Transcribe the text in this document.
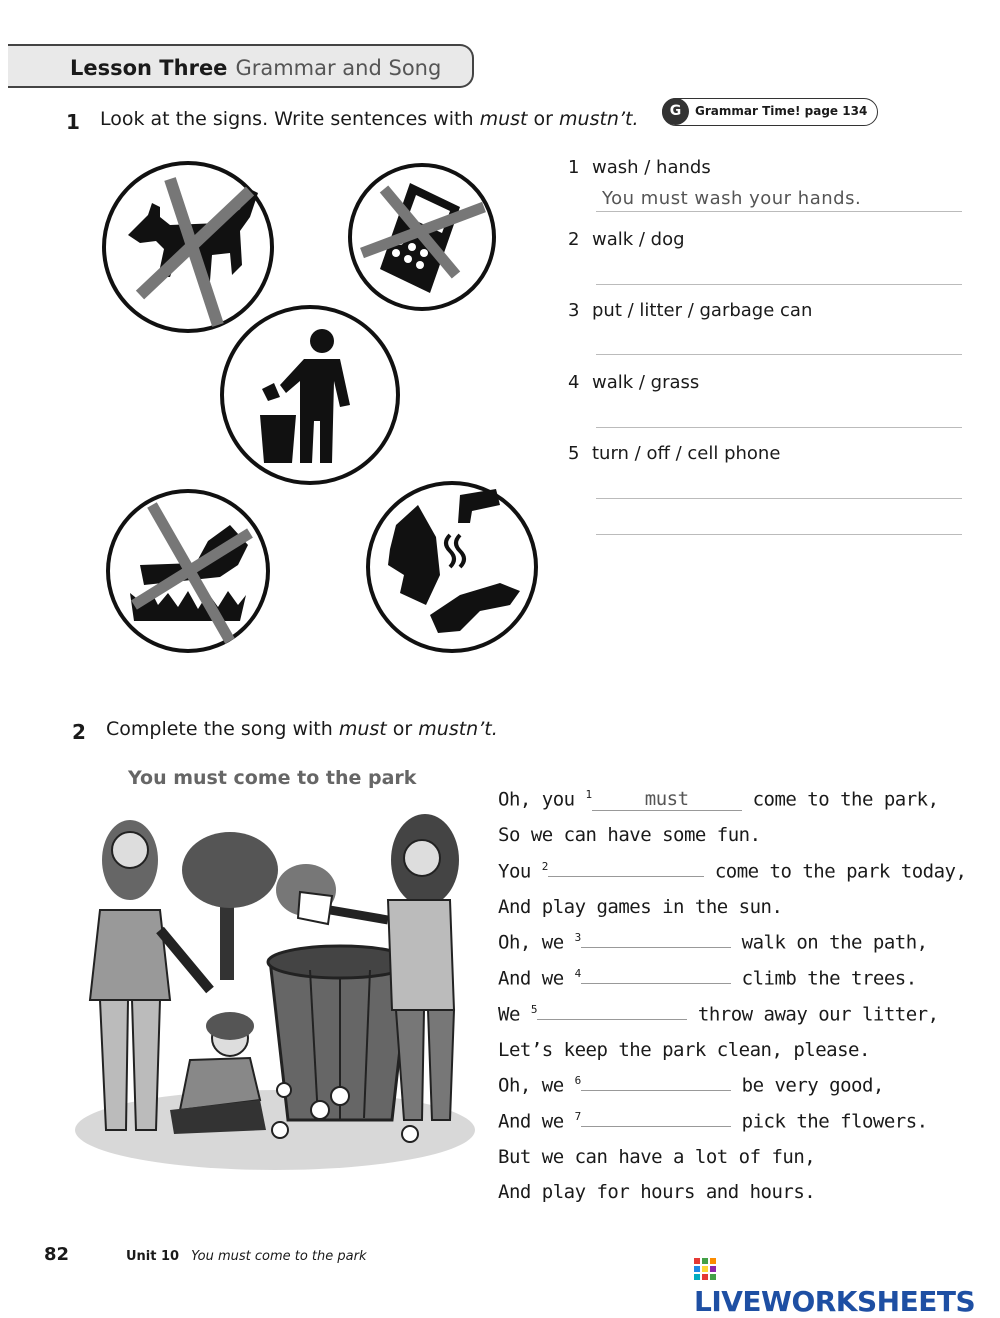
Lesson Three Grammar and Song
1 Look at the signs. Write sentences with must or mustn’t.	G	Grammar Time! page 134
1 wash / hands
You must wash your hands.
2 walk / dog
3 put / litter / garbage can
4 walk / grass
5 turn / off / cell phone
2 Complete the song with must or mustn’t.
You must come to the park
Oh, you $^1$	must	come to the park,
So we can have some fun.
You $^2$	come to the park today,
And play games in the sun.
Oh, we $^3$	walk on the path,
And we $^4$	climb the trees.
We $^5$	throw away our litter,
Let’s keep the park clean, please.
Oh, we $^6$	be very good,
And we $^7$	pick the flowers.
But we can have a lot of fun,
And play for hours and hours.
82	Unit 10 You must come to the park
LIVEWORKSHEETS
